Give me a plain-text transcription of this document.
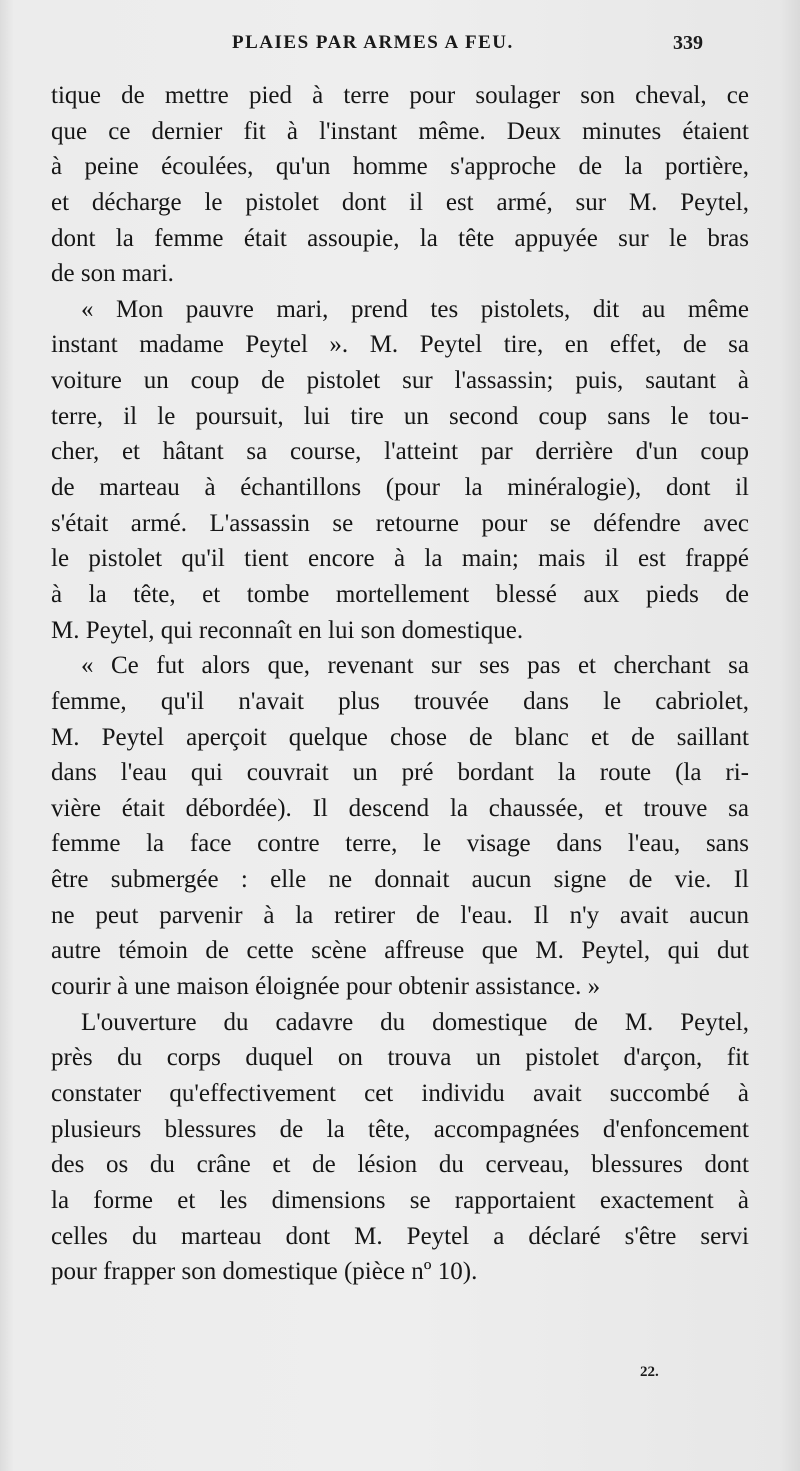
PLAIES PAR ARMES A FEU.	339
tique de mettre pied à terre pour soulager son cheval, ce
que ce dernier fit à l'instant même. Deux minutes étaient
à peine écoulées, qu'un homme s'approche de la portière,
et décharge le pistolet dont il est armé, sur M. Peytel,
dont la femme était assoupie, la tête appuyée sur le bras
de son mari.
« Mon pauvre mari, prend tes pistolets, dit au même
instant madame Peytel ». M. Peytel tire, en effet, de sa
voiture un coup de pistolet sur l'assassin; puis, sautant à
terre, il le poursuit, lui tire un second coup sans le tou-
cher, et hâtant sa course, l'atteint par derrière d'un coup
de marteau à échantillons (pour la minéralogie), dont il
s'était armé. L'assassin se retourne pour se défendre avec
le pistolet qu'il tient encore à la main; mais il est frappé
à la tête, et tombe mortellement blessé aux pieds de
M. Peytel, qui reconnaît en lui son domestique.
« Ce fut alors que, revenant sur ses pas et cherchant sa
femme, qu'il n'avait plus trouvée dans le cabriolet,
M. Peytel aperçoit quelque chose de blanc et de saillant
dans l'eau qui couvrait un pré bordant la route (la ri-
vière était débordée). Il descend la chaussée, et trouve sa
femme la face contre terre, le visage dans l'eau, sans
être submergée : elle ne donnait aucun signe de vie. Il
ne peut parvenir à la retirer de l'eau. Il n'y avait aucun
autre témoin de cette scène affreuse que M. Peytel, qui dut
courir à une maison éloignée pour obtenir assistance. »
L'ouverture du cadavre du domestique de M. Peytel,
près du corps duquel on trouva un pistolet d'arçon, fit
constater qu'effectivement cet individu avait succombé à
plusieurs blessures de la tête, accompagnées d'enfoncement
des os du crâne et de lésion du cerveau, blessures dont
la forme et les dimensions se rapportaient exactement à
celles du marteau dont M. Peytel a déclaré s'être servi
pour frapper son domestique (pièce nº 10).
22.
